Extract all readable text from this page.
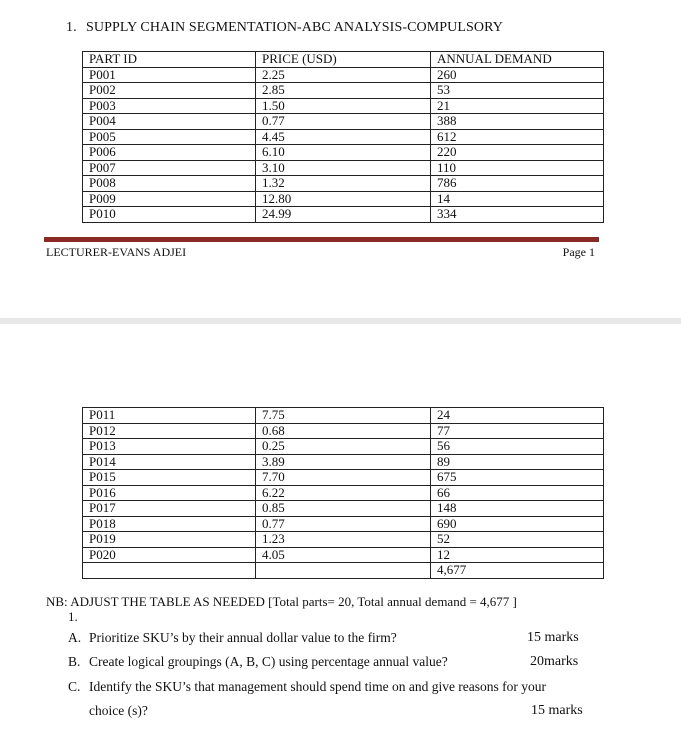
1. SUPPLY CHAIN SEGMENTATION-ABC ANALYSIS-COMPULSORY
PART ID	PRICE (USD)	ANNUAL DEMAND
P001	2.25	260
P002	2.85	53
P003	1.50	21
P004	0.77	388
P005	4.45	612
P006	6.10	220
P007	3.10	110
P008	1.32	786
P009	12.80	14
P010	24.99	334
LECTURER-EVANS ADJEI	Page 1
P011	7.75	24
P012	0.68	77
P013	0.25	56
P014	3.89	89
P015	7.70	675
P016	6.22	66
P017	0.85	148
P018	0.77	690
P019	1.23	52
P020	4.05	12
		4,677
NB: ADJUST THE TABLE AS NEEDED [Total parts= 20, Total annual demand = 4,677 ]
1.
A. Prioritize SKU’s by their annual dollar value to the firm?	15 marks
B. Create logical groupings (A, B, C) using percentage annual value?	20marks
C. Identify the SKU’s that management should spend time on and give reasons for your
choice (s)?	15 marks
